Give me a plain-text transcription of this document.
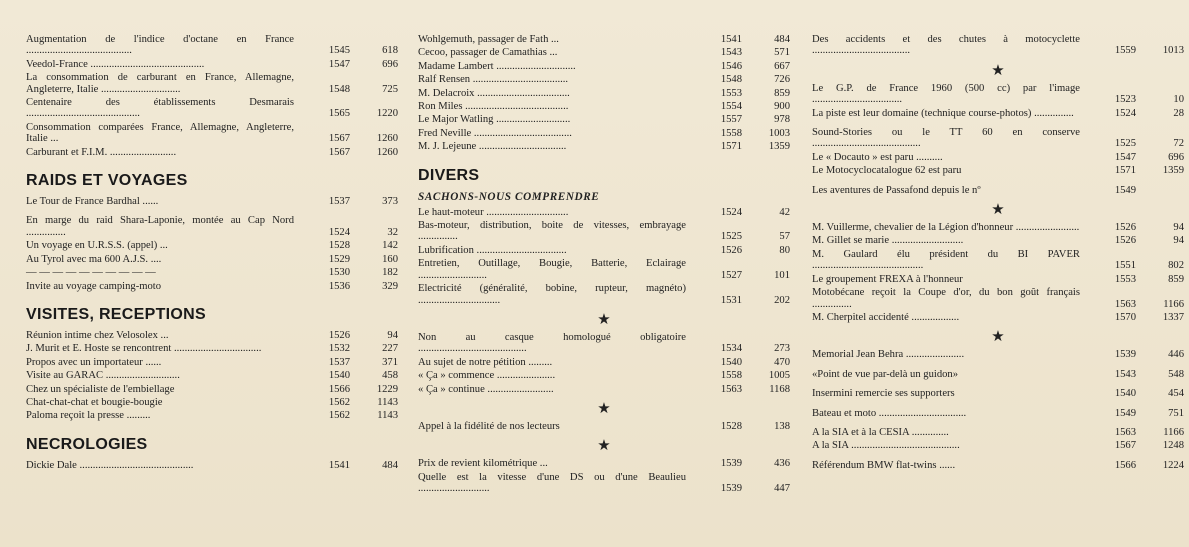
Augmentation de l'indice d'octane en France ........................................	1545	618
Veedol-France ...........................................	1547	696
La consommation de carburant en France, Allemagne, Angleterre, Italie ..............................	1548	725
Centenaire des établissements Desmarais ...........................................	1565	1220
Consommation comparées France, Allemagne, Angleterre, Italie ...	1567	1260
Carburant et F.I.M. .........................	1567	1260
RAIDS ET VOYAGES
Le Tour de France Bardhal ......	1537	373
En marge du raid Shara-Laponie, montée au Cap Nord ...............	1524	32
Un voyage en U.R.S.S. (appel) ...	1528	142
Au Tyrol avec ma 600 A.J.S. ....	1529	160
— — — — — — — — — —	1530	182
Invite au voyage camping-moto	1536	329
VISITES, RECEPTIONS
Réunion intime chez Velosolex ...	1526	94
J. Murit et E. Hoste se rencontrent .................................	1532	227
Propos avec un importateur ......	1537	371
Visite au GARAC ............................	1540	458
Chez un spécialiste de l'embiellage	1566	1229
Chat-chat-chat et bougie-bougie	1562	1143
Paloma reçoit la presse .........	1562	1143
NECROLOGIES
Dickie Dale ...........................................	1541	484
Wohlgemuth, passager de Fath ...	1541	484
Cecoo, passager de Camathias ...	1543	571
Madame Lambert ..............................	1546	667
Ralf Rensen ....................................	1548	726
M. Delacroix ...................................	1553	859
Ron Miles .......................................	1554	900
Le Major Watling ............................	1557	978
Fred Neville .....................................	1558	1003
M. J. Lejeune .................................	1571	1359
DIVERS
SACHONS-NOUS COMPRENDRE
Le haut-moteur ...............................	1524	42
Bas-moteur, distribution, boite de vitesses, embrayage ...............	1525	57
Lubrification ..................................	1526	80
Entretien, Outillage, Bougie, Batterie, Eclairage ..........................	1527	101
Electricité (généralité, bobine, rupteur, magnéto) ...............................	1531	202
★
Non au casque homologué obligatoire .........................................	1534	273
Au sujet de notre pétition .........	1540	470
« Ça » commence ......................	1558	1005
« Ça » continue .........................	1563	1168
★
Appel à la fidélité de nos lecteurs	1528	138
★
Prix de revient kilométrique ...	1539	436
Quelle est la vitesse d'une DS ou d'une Beaulieu ...........................	1539	447
Des accidents et des chutes à motocyclette .....................................	1559	1013
★
Le G.P. de France 1960 (500 cc) par l'image ..................................	1523	10
La piste est leur domaine (technique course-photos) ...............	1524	28
Sound-Stories ou le TT 60 en conserve .........................................	1525	72
Le « Docauto » est paru ..........	1547	696
Le Motocyclocatalogue 62 est paru	1571	1359
Les aventures de Passafond depuis le nº	1549
★
M. Vuillerme, chevalier de la Légion d'honneur ........................	1526	94
M. Gillet se marie ...........................	1526	94
M. Gaulard élu président du BI PAVER ..........................................	1551	802
Le groupement FREXA à l'honneur	1553	859
Motobécane reçoit la Coupe d'or, du bon goût français ...............	1563	1166
M. Cherpitel accidenté ..................	1570	1337
★
Memorial Jean Behra ......................	1539	446
«Point de vue par-delà un guidon»	1543	548
Insermini remercie ses supporters	1540	454
Bateau et moto .................................	1549	751
A la SIA et à la CESIA ..............	1563	1166
A la SIA .........................................	1567	1248
Référendum BMW flat-twins ......	1566	1224
